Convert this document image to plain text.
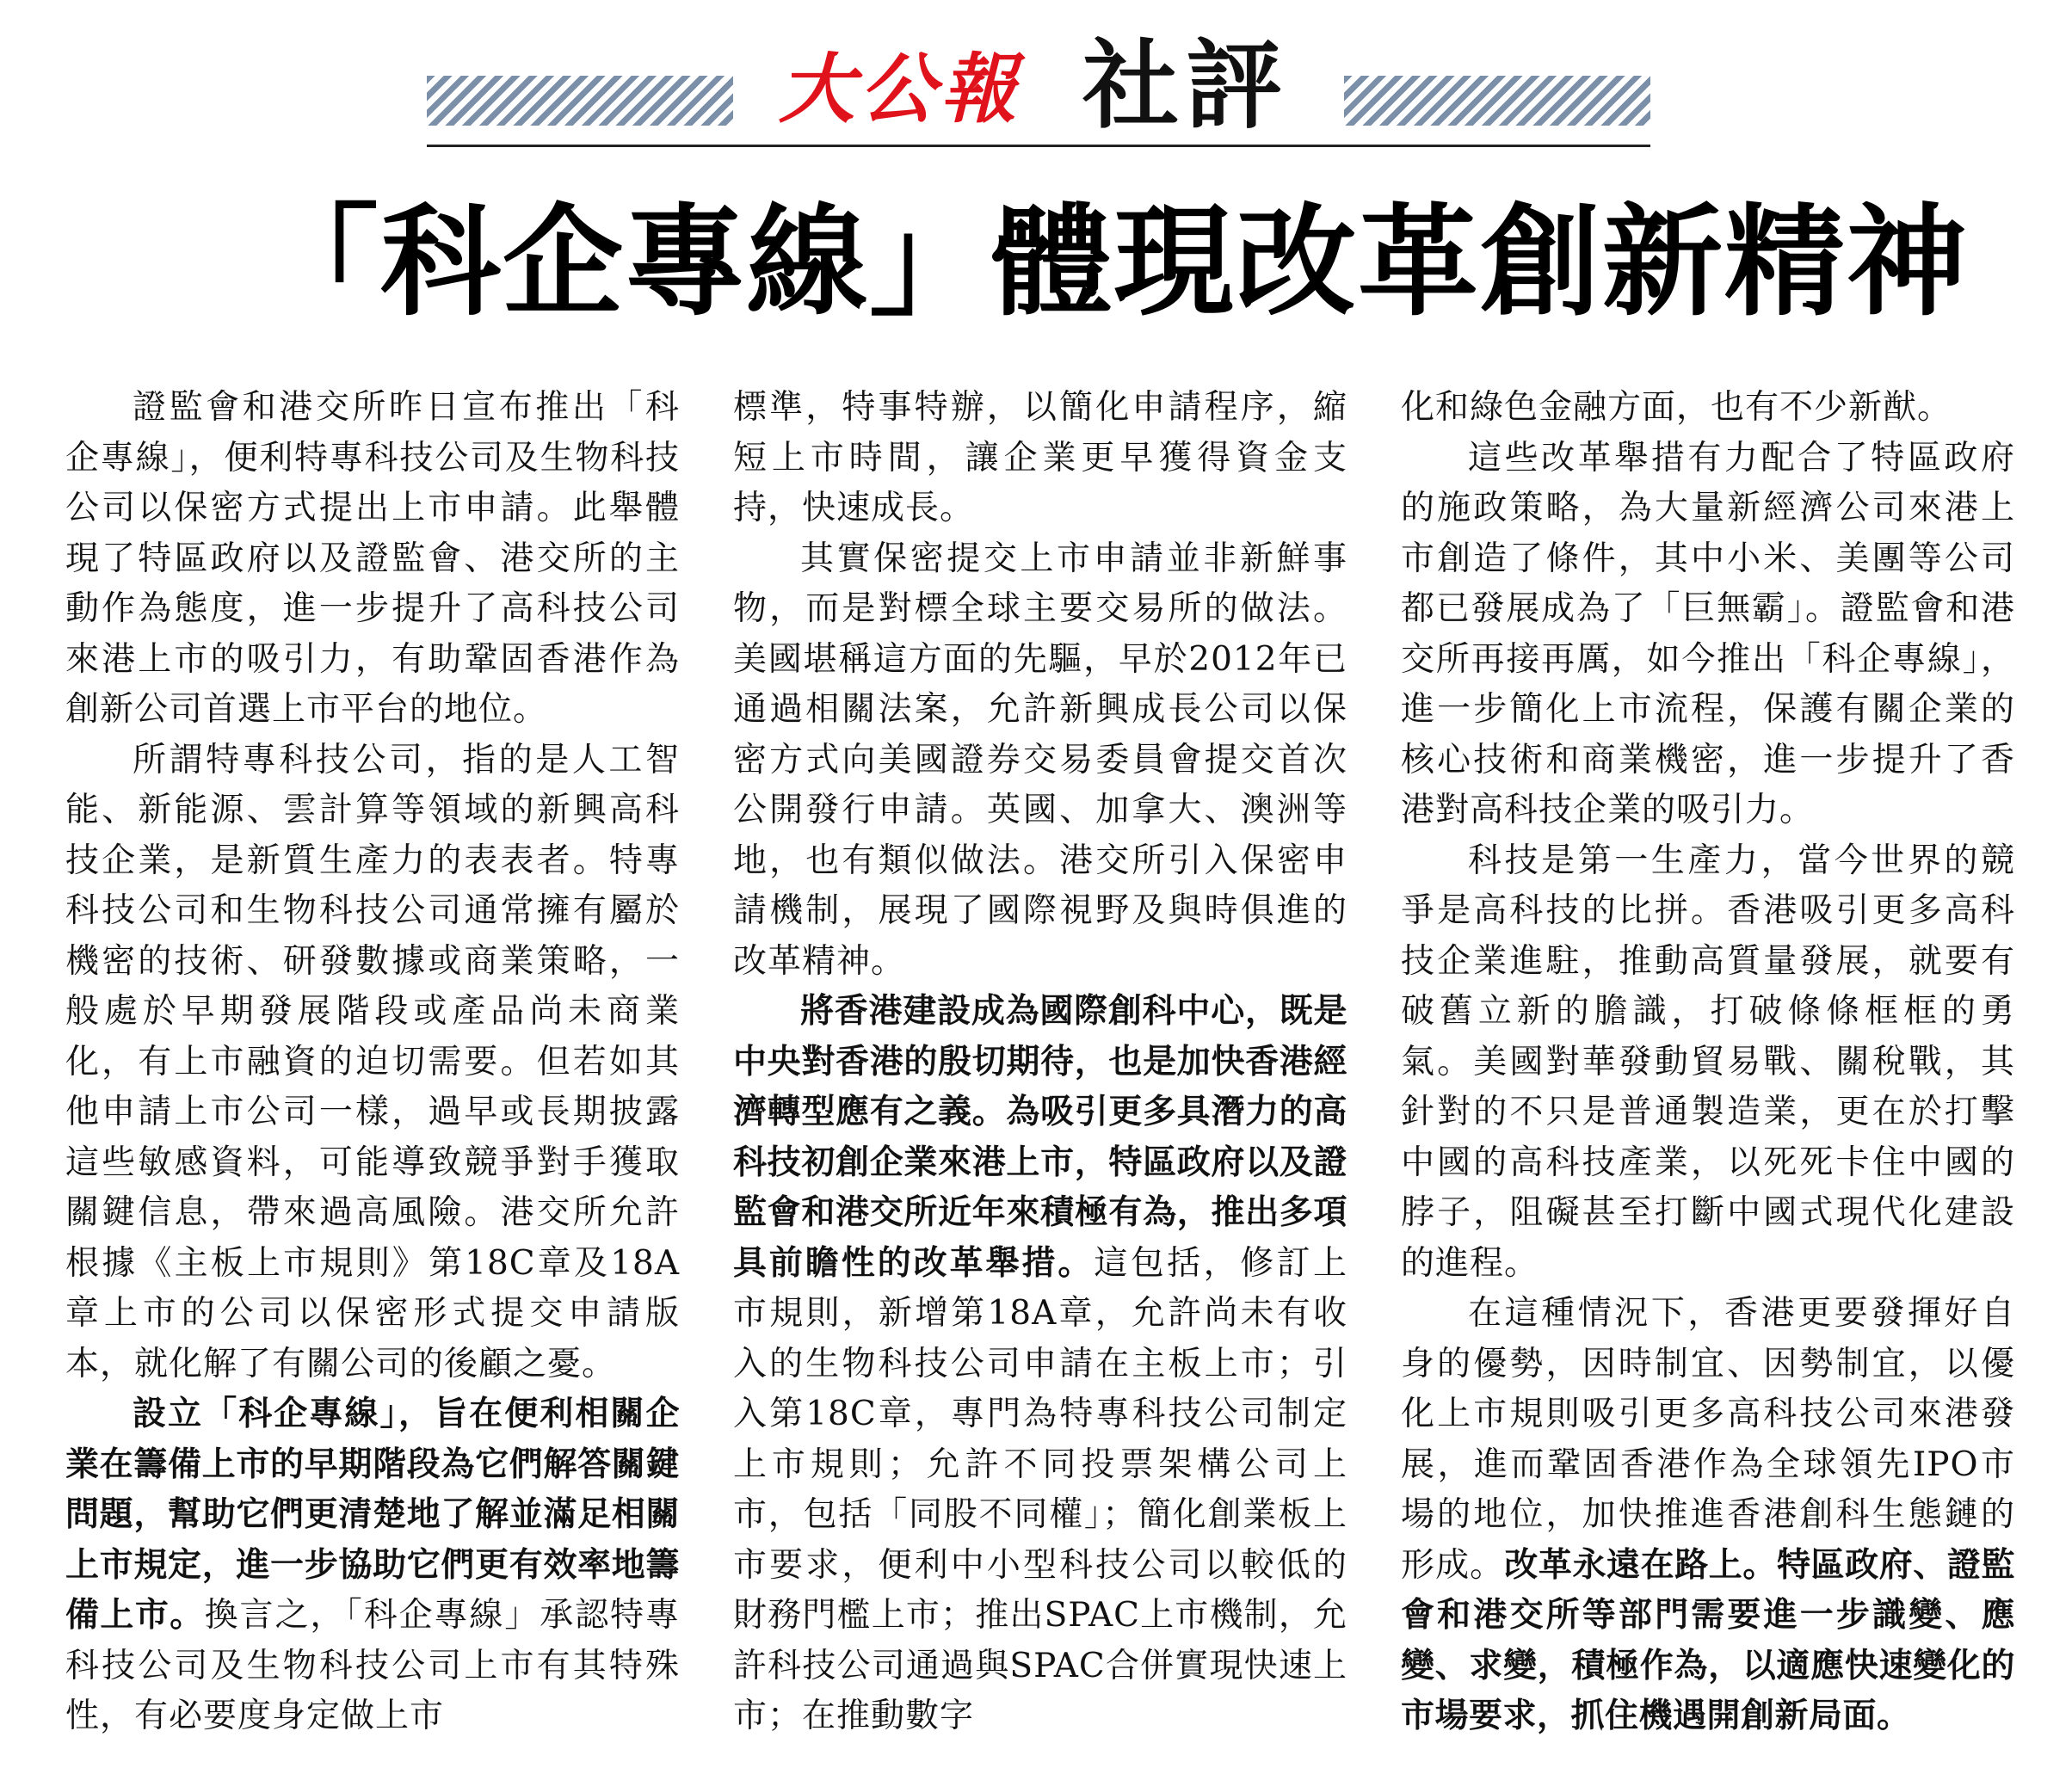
大公報 社評
「科企專線」體現改革創新精神

證監會和港交所昨日宣布推出「科企專線」，便利特專科技公司及生物科技公司以保密方式提出上市申請。此舉體現了特區政府以及證監會、港交所的主動作為態度，進一步提升了高科技公司來港上市的吸引力，有助鞏固香港作為創新公司首選上市平台的地位。

所謂特專科技公司，指的是人工智能、新能源、雲計算等領域的新興高科技企業，是新質生產力的表表者。特專科技公司和生物科技公司通常擁有屬於機密的技術、研發數據或商業策略，一般處於早期發展階段或產品尚未商業化，有上市融資的迫切需要。但若如其他申請上市公司一樣，過早或長期披露這些敏感資料，可能導致競爭對手獲取關鍵信息，帶來過高風險。港交所允許根據《主板上市規則》第18C章及18A章上市的公司以保密形式提交申請版本，就化解了有關公司的後顧之憂。

設立「科企專線」，旨在便利相關企業在籌備上市的早期階段為它們解答關鍵問題，幫助它們更清楚地了解並滿足相關上市規定，進一步協助它們更有效率地籌備上市。換言之，「科企專線」承認特專科技公司及生物科技公司上市有其特殊性，有必要度身定做上市

標準，特事特辦，以簡化申請程序，縮短上市時間，讓企業更早獲得資金支持，快速成長。

其實保密提交上市申請並非新鮮事物，而是對標全球主要交易所的做法。美國堪稱這方面的先驅，早於2012年已通過相關法案，允許新興成長公司以保密方式向美國證券交易委員會提交首次公開發行申請。英國、加拿大、澳洲等地，也有類似做法。港交所引入保密申請機制，展現了國際視野及與時俱進的改革精神。

將香港建設成為國際創科中心，既是中央對香港的殷切期待，也是加快香港經濟轉型應有之義。為吸引更多具潛力的高科技初創企業來港上市，特區政府以及證監會和港交所近年來積極有為，推出多項具前瞻性的改革舉措。這包括，修訂上市規則，新增第18A章，允許尚未有收入的生物科技公司申請在主板上市；引入第18C章，專門為特專科技公司制定上市規則；允許不同投票架構公司上市，包括「同股不同權」；簡化創業板上市要求，便利中小型科技公司以較低的財務門檻上市；推出SPAC上市機制，允許科技公司通過與SPAC合併實現快速上市；在推動數字

化和綠色金融方面，也有不少新猷。

這些改革舉措有力配合了特區政府的施政策略，為大量新經濟公司來港上市創造了條件，其中小米、美團等公司都已發展成為了「巨無霸」。證監會和港交所再接再厲，如今推出「科企專線」，進一步簡化上市流程，保護有關企業的核心技術和商業機密，進一步提升了香港對高科技企業的吸引力。

科技是第一生產力，當今世界的競爭是高科技的比拼。香港吸引更多高科技企業進駐，推動高質量發展，就要有破舊立新的膽識，打破條條框框的勇氣。美國對華發動貿易戰、關稅戰，其針對的不只是普通製造業，更在於打擊中國的高科技產業，以死死卡住中國的脖子，阻礙甚至打斷中國式現代化建設的進程。

在這種情況下，香港更要發揮好自身的優勢，因時制宜、因勢制宜，以優化上市規則吸引更多高科技公司來港發展，進而鞏固香港作為全球領先IPO市場的地位，加快推進香港創科生態鏈的形成。改革永遠在路上。特區政府、證監會和港交所等部門需要進一步識變、應變、求變，積極作為，以適應快速變化的市場要求，抓住機遇開創新局面。
